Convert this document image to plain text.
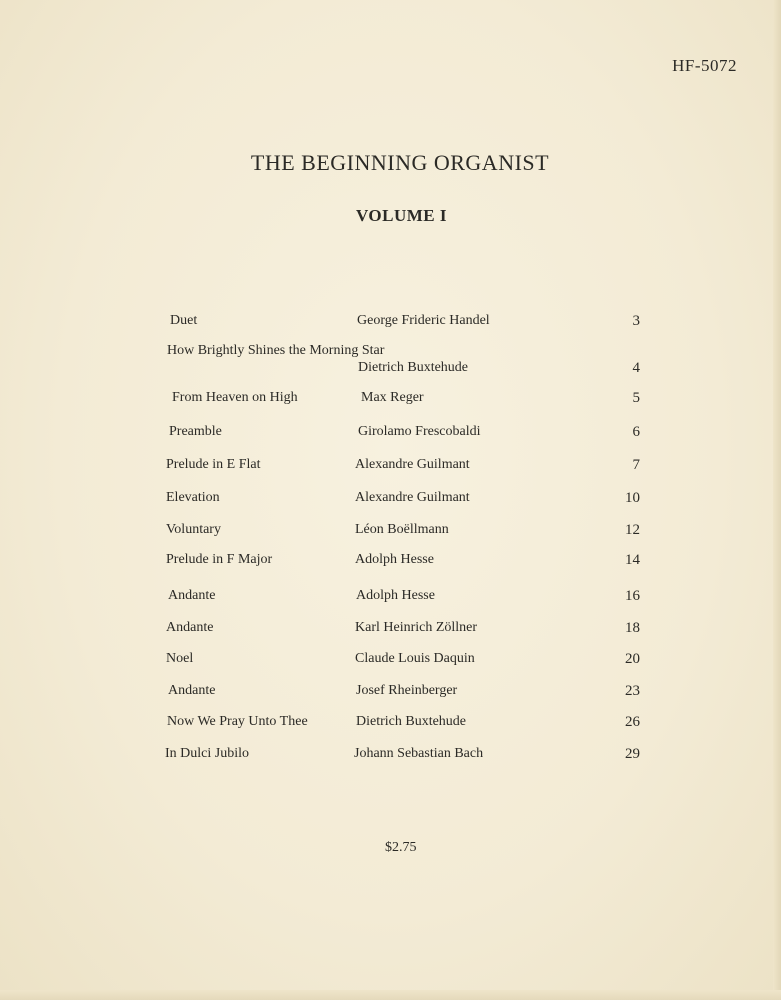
HF-5072
THE BEGINNING ORGANIST
VOLUME I
Duet	George Frideric Handel	3
How Brightly Shines the Morning Star
Dietrich Buxtehude	4
From Heaven on High	Max Reger	5
Preamble	Girolamo Frescobaldi	6
Prelude in E Flat	Alexandre Guilmant	7
Elevation	Alexandre Guilmant	10
Voluntary	Léon Boëllmann	12
Prelude in F Major	Adolph Hesse	14
Andante	Adolph Hesse	16
Andante	Karl Heinrich Zöllner	18
Noel	Claude Louis Daquin	20
Andante	Josef Rheinberger	23
Now We Pray Unto Thee	Dietrich Buxtehude	26
In Dulci Jubilo	Johann Sebastian Bach	29
$2.75
